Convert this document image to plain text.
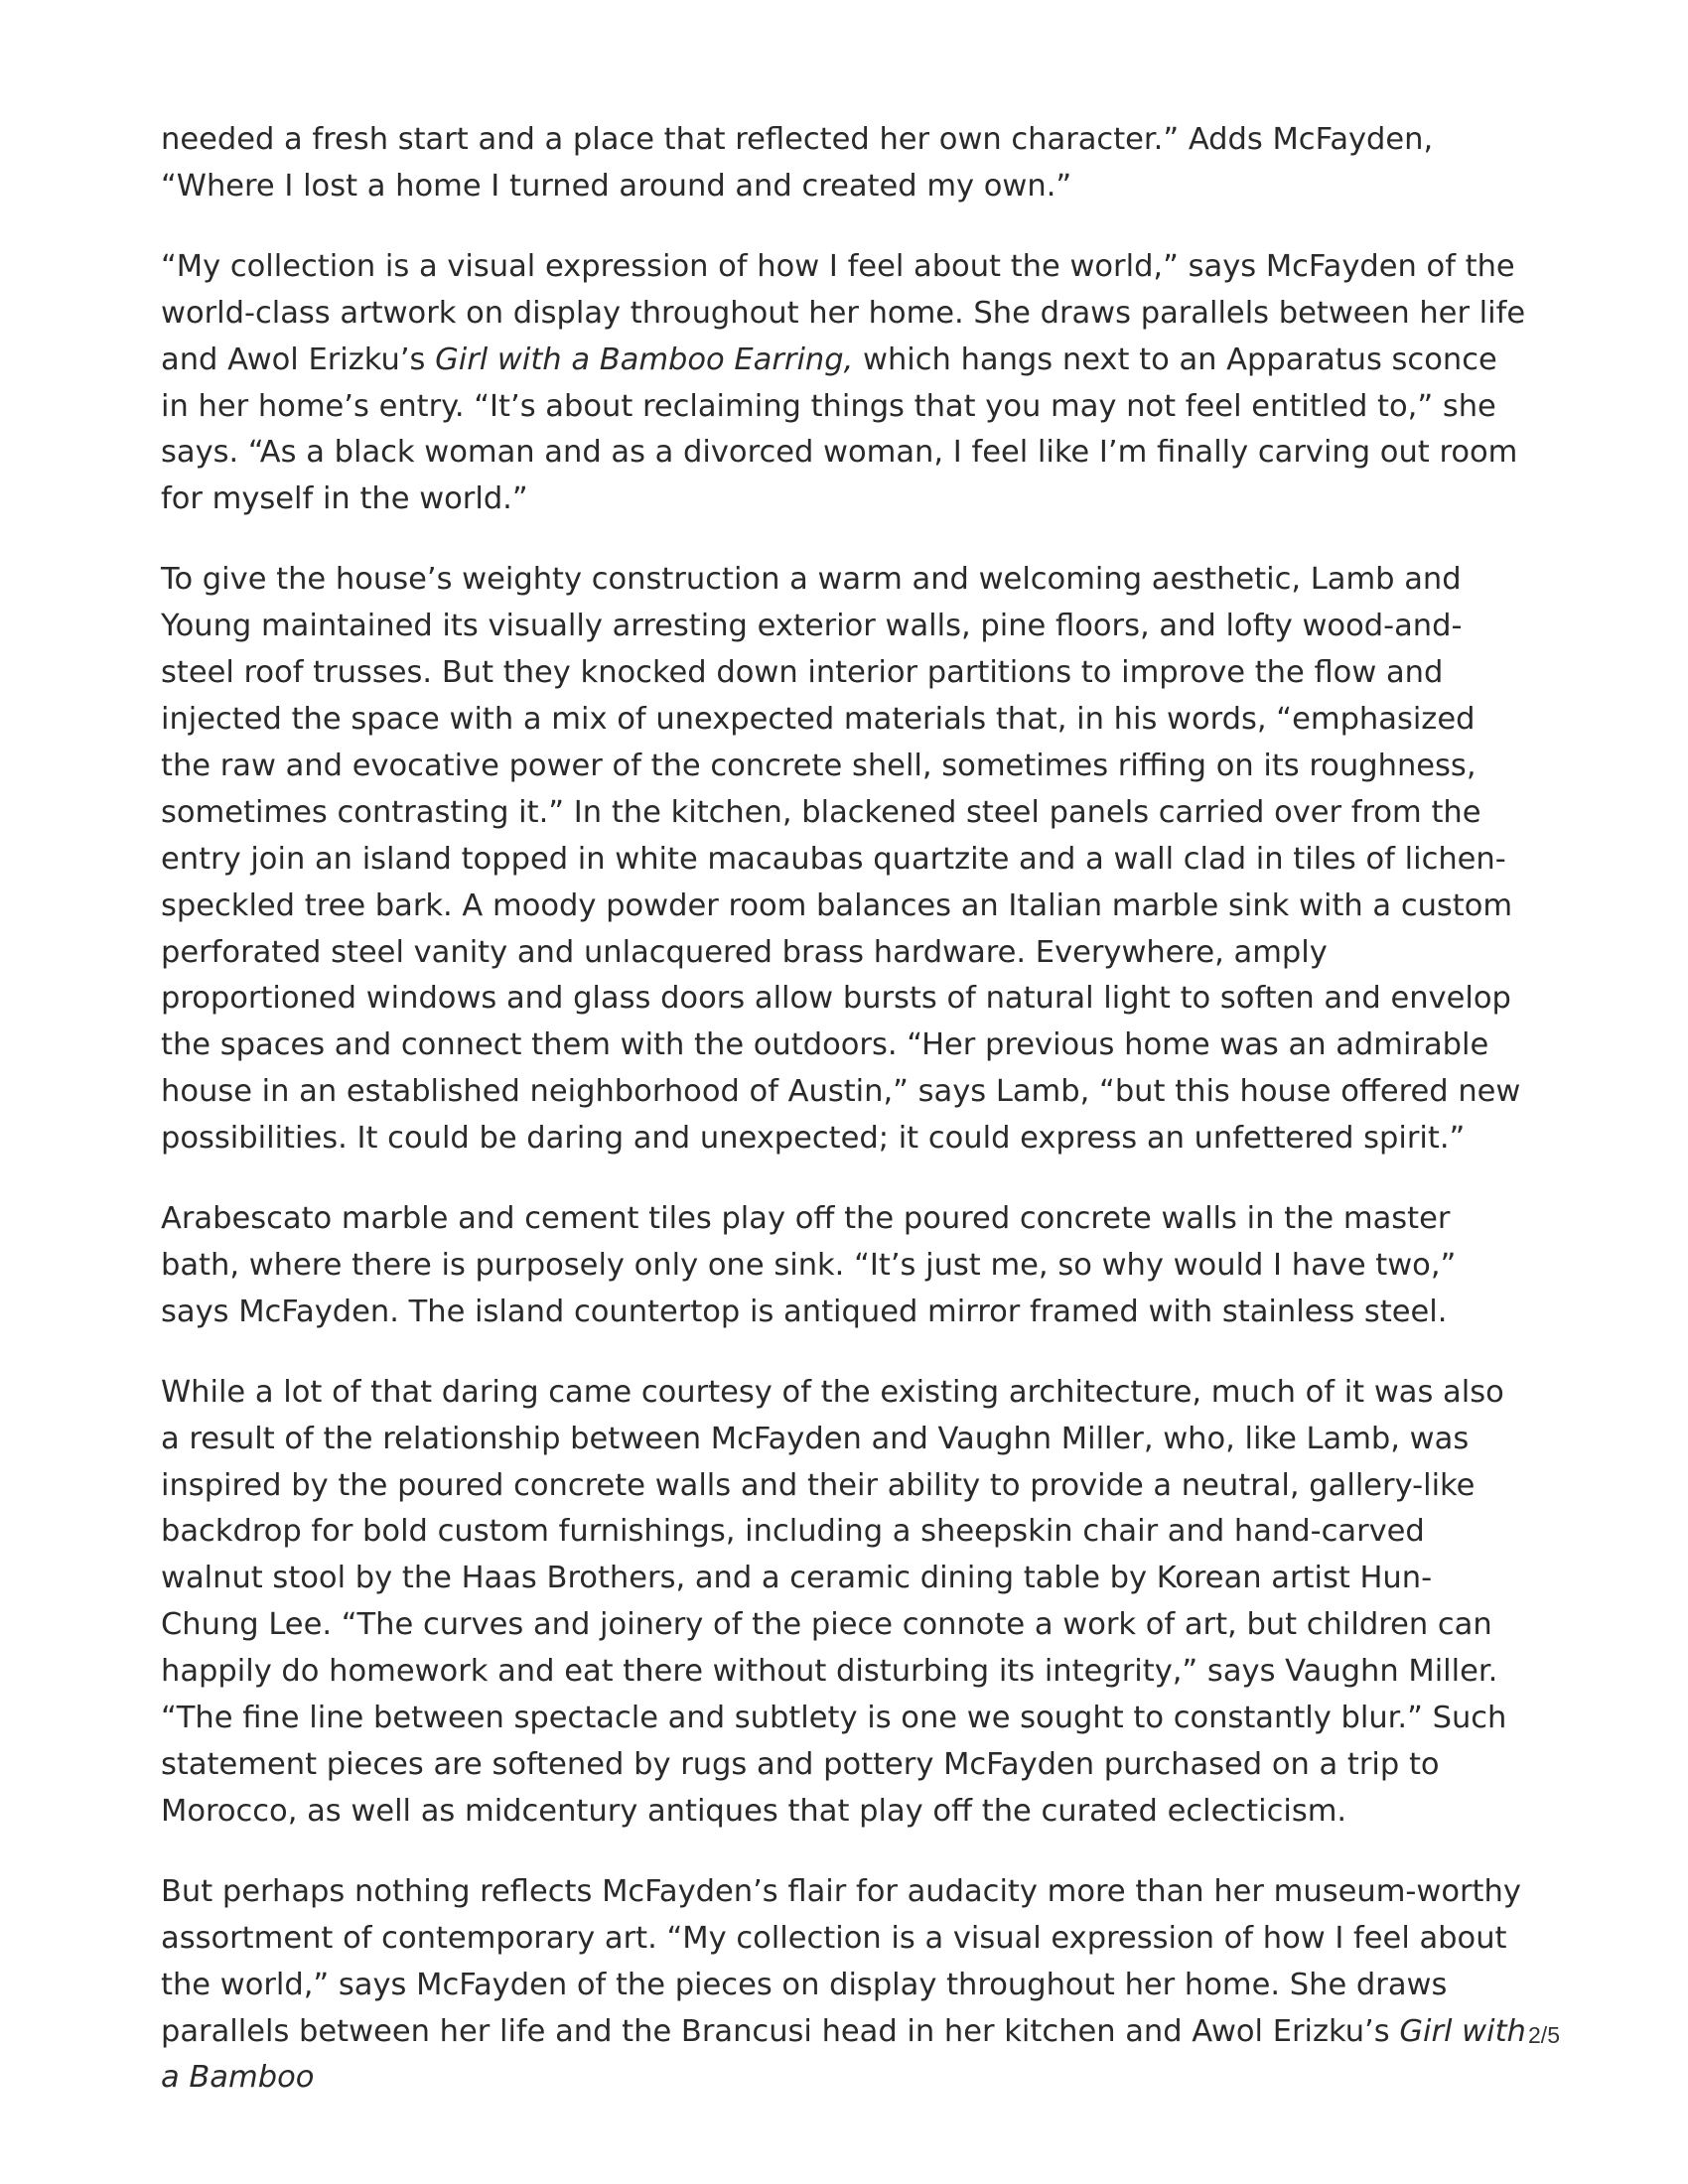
needed a fresh start and a place that reflected her own character.” Adds McFayden, “Where I lost a home I turned around and created my own.”

“My collection is a visual expression of how I feel about the world,” says McFayden of the world-class artwork on display throughout her home. She draws parallels between her life and Awol Erizku’s Girl with a Bamboo Earring, which hangs next to an Apparatus sconce in her home’s entry. “It’s about reclaiming things that you may not feel entitled to,” she says. “As a black woman and as a divorced woman, I feel like I’m finally carving out room for myself in the world.”

To give the house’s weighty construction a warm and welcoming aesthetic, Lamb and Young maintained its visually arresting exterior walls, pine floors, and lofty wood-and-steel roof trusses. But they knocked down interior partitions to improve the flow and injected the space with a mix of unexpected materials that, in his words, “emphasized the raw and evocative power of the concrete shell, sometimes riffing on its roughness, sometimes contrasting it.” In the kitchen, blackened steel panels carried over from the entry join an island topped in white macaubas quartzite and a wall clad in tiles of lichen-speckled tree bark. A moody powder room balances an Italian marble sink with a custom perforated steel vanity and unlacquered brass hardware. Everywhere, amply proportioned windows and glass doors allow bursts of natural light to soften and envelop the spaces and connect them with the outdoors. “Her previous home was an admirable house in an established neighborhood of Austin,” says Lamb, “but this house offered new possibilities. It could be daring and unexpected; it could express an unfettered spirit.”

Arabescato marble and cement tiles play off the poured concrete walls in the master bath, where there is purposely only one sink. “It’s just me, so why would I have two,” says McFayden. The island countertop is antiqued mirror framed with stainless steel.

While a lot of that daring came courtesy of the existing architecture, much of it was also a result of the relationship between McFayden and Vaughn Miller, who, like Lamb, was inspired by the poured concrete walls and their ability to provide a neutral, gallery-like backdrop for bold custom furnishings, including a sheepskin chair and hand-carved walnut stool by the Haas Brothers, and a ceramic dining table by Korean artist Hun-Chung Lee. “The curves and joinery of the piece connote a work of art, but children can happily do homework and eat there without disturbing its integrity,” says Vaughn Miller. “The fine line between spectacle and subtlety is one we sought to constantly blur.” Such statement pieces are softened by rugs and pottery McFayden purchased on a trip to Morocco, as well as midcentury antiques that play off the curated eclecticism.

But perhaps nothing reflects McFayden’s flair for audacity more than her museum-worthy assortment of contemporary art. “My collection is a visual expression of how I feel about the world,” says McFayden of the pieces on display throughout her home. She draws parallels between her life and the Brancusi head in her kitchen and Awol Erizku’s Girl with a Bamboo

2/5
